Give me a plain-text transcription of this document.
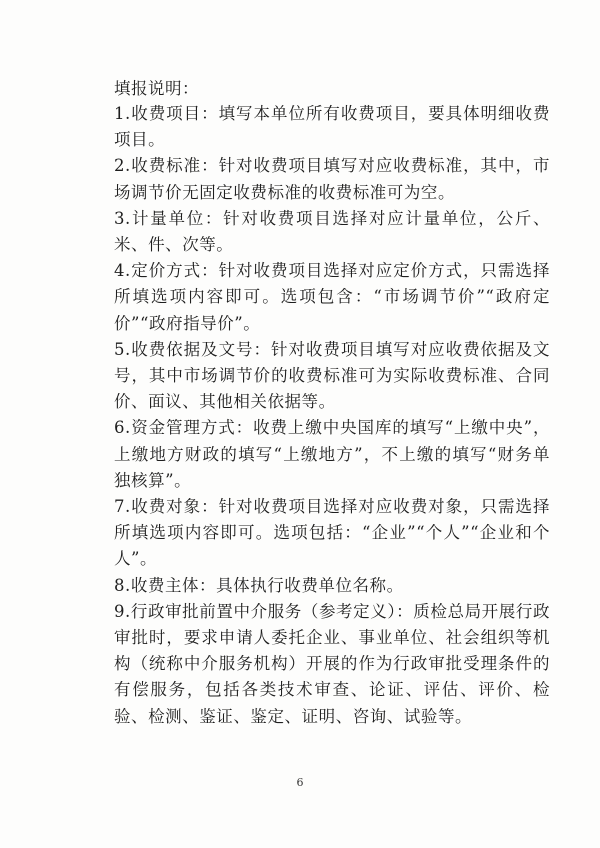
填报说明：
1.收费项目：填写本单位所有收费项目，要具体明细收费项目。
2.收费标准：针对收费项目填写对应收费标准，其中，市场调节价无固定收费标准的收费标准可为空。
3.计量单位：针对收费项目选择对应计量单位，公斤、米、件、次等。
4.定价方式：针对收费项目选择对应定价方式，只需选择所填选项内容即可。选项包含：“市场调节价”“政府定价”“政府指导价”。
5.收费依据及文号：针对收费项目填写对应收费依据及文号，其中市场调节价的收费标准可为实际收费标准、合同价、面议、其他相关依据等。
6.资金管理方式：收费上缴中央国库的填写“上缴中央”，上缴地方财政的填写“上缴地方”，不上缴的填写“财务单独核算”。
7.收费对象：针对收费项目选择对应收费对象，只需选择所填选项内容即可。选项包括：“企业”“个人”“企业和个人”。
8.收费主体：具体执行收费单位名称。
9.行政审批前置中介服务（参考定义）：质检总局开展行政审批时，要求申请人委托企业、事业单位、社会组织等机构（统称中介服务机构）开展的作为行政审批受理条件的有偿服务，包括各类技术审查、论证、评估、评价、检验、检测、鉴证、鉴定、证明、咨询、试验等。
6
